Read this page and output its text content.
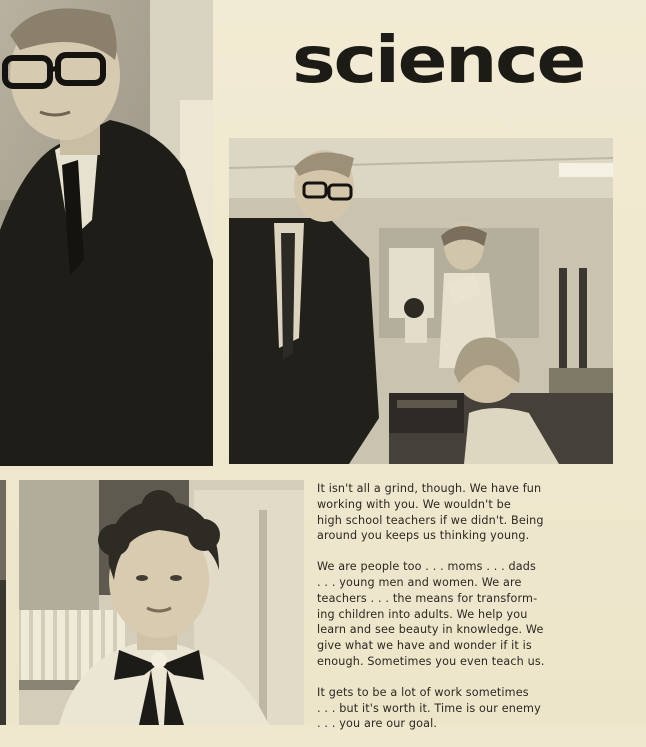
science

It isn't all a grind, though. We have fun
working with you. We wouldn't be
high school teachers if we didn't. Being
around you keeps us thinking young.

We are people too . . . moms . . . dads
. . . young men and women. We are
teachers . . . the means for transform-
ing children into adults. We help you
learn and see beauty in knowledge. We
give what we have and wonder if it is
enough. Sometimes you even teach us.

It gets to be a lot of work sometimes
. . . but it's worth it. Time is our enemy
. . . you are our goal.
